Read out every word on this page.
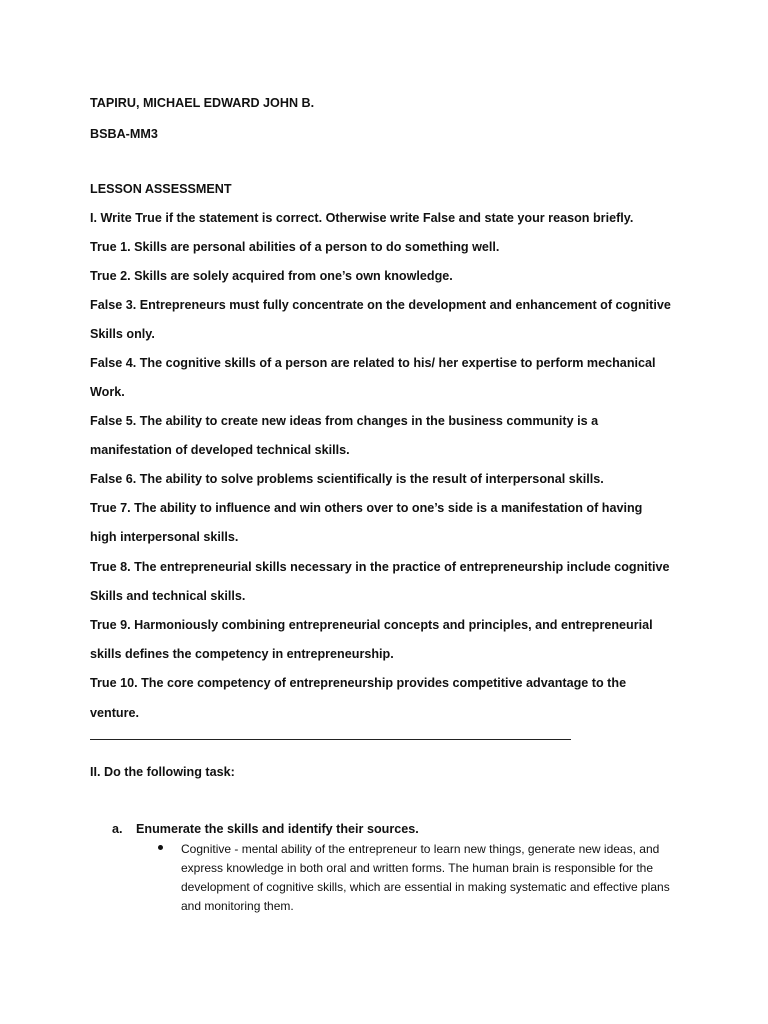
TAPIRU, MICHAEL EDWARD JOHN B.
BSBA-MM3
LESSON ASSESSMENT
I. Write True if the statement is correct. Otherwise write False and state your reason briefly.
True 1. Skills are personal abilities of a person to do something well.
True 2. Skills are solely acquired from one’s own knowledge.
False 3. Entrepreneurs must fully concentrate on the development and enhancement of cognitive
Skills only.
False 4. The cognitive skills of a person are related to his/ her expertise to perform mechanical
Work.
False 5. The ability to create new ideas from changes in the business community is a
manifestation of developed technical skills.
False 6. The ability to solve problems scientifically is the result of interpersonal skills.
True 7. The ability to influence and win others over to one’s side is a manifestation of having
high interpersonal skills.
True 8. The entrepreneurial skills necessary in the practice of entrepreneurship include cognitive
Skills and technical skills.
True 9. Harmoniously combining entrepreneurial concepts and principles, and entrepreneurial
skills defines the competency in entrepreneurship.
True 10. The core competency of entrepreneurship provides competitive advantage to the
venture.
II. Do the following task:
a. Enumerate the skills and identify their sources.
Cognitive - mental ability of the entrepreneur to learn new things, generate new ideas, and express knowledge in both oral and written forms. The human brain is responsible for the development of cognitive skills, which are essential in making systematic and effective plans and monitoring them.
